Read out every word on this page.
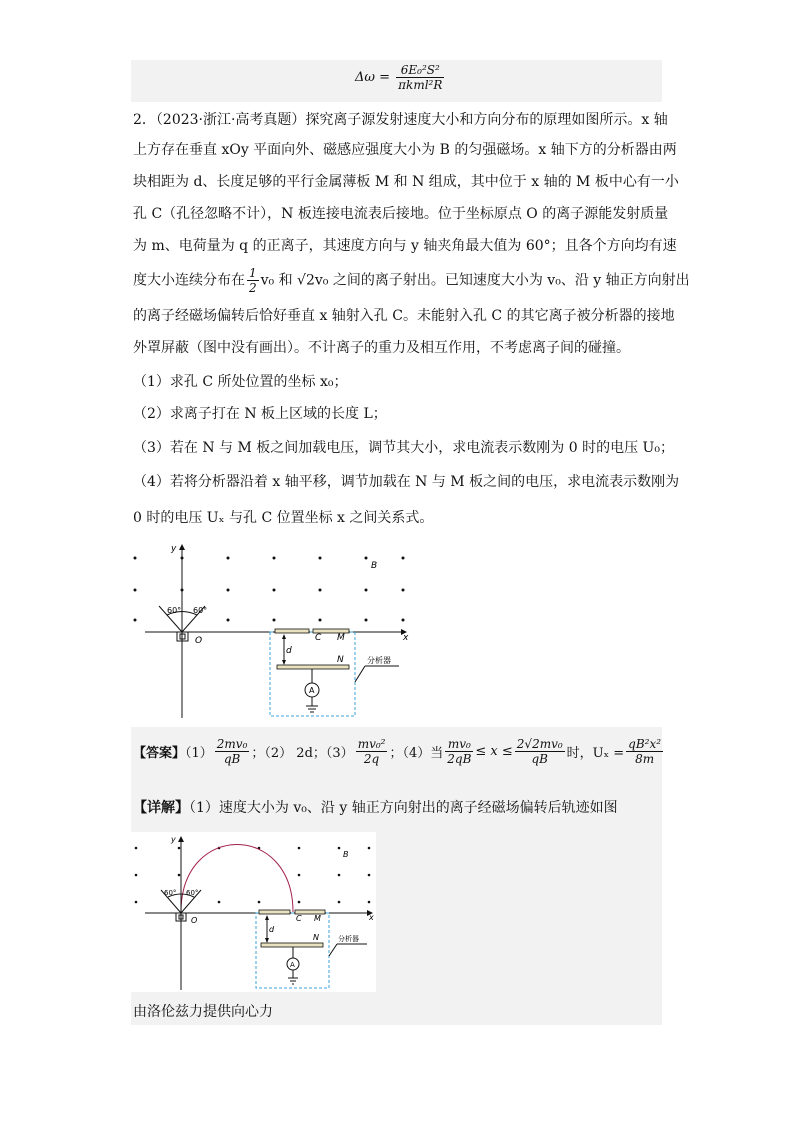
$\Delta\omega = \frac{\text{6E₀²S²}}{\text{πkml²R}}$
2．（2023·浙江·高考真题）探究离子源发射速度大小和方向分布的原理如图所示。x 轴
上方存在垂直 xOy 平面向外、磁感应强度大小为 B 的匀强磁场。x 轴下方的分析器由两
块相距为 d、长度足够的平行金属薄板 M 和 N 组成，其中位于 x 轴的 M 板中心有一小
孔 C（孔径忽略不计），N 板连接电流表后接地。位于坐标原点 O 的离子源能发射质量
为 m、电荷量为 q 的正离子，其速度方向与 y 轴夹角最大值为 60°；且各个方向均有速
度大小连续分布在 $\frac{1}{2} v_0$ 和 √2v₀ 之间的离子射出。已知速度大小为 v₀、沿 y 轴正方向射出
的离子经磁场偏转后恰好垂直 x 轴射入孔 C。未能射入孔 C 的其它离子被分析器的接地
外罩屏蔽（图中没有画出）。不计离子的重力及相互作用，不考虑离子间的碰撞。
（1）求孔 C 所处位置的坐标 x₀；
（2）求离子打在 N 板上区域的长度 L；
（3）若在 N 与 M 板之间加载电压，调节其大小，求电流表示数刚为 0 时的电压 U₀；
（4）若将分析器沿着 x 轴平移，调节加载在 N 与 M 板之间的电压，求电流表示数刚为
0 时的电压 Uₓ 与孔 C 位置坐标 x 之间关系式。
y
x
B
O	C M
N
d
A
60° 60°
分析器
【答案】$(1) \frac{\text{2mv₀}}{qB}$ ；（2） 2d；$(3) \frac{\text{mv₀²}}{2q}$ ；（4）当 $\frac{\text{mv₀}}{2qB} \le x \le \frac{\text{2√2mv₀}}{qB}$ 时，$U_x = \frac{\text{qB²x²}}{8m}$
【详解】（1）速度大小为 v₀、沿 y 轴正方向射出的离子经磁场偏转后轨迹如图
y
x
B
O	C M
N
d
A
60° 60°
分析器
由洛伦兹力提供向心力
